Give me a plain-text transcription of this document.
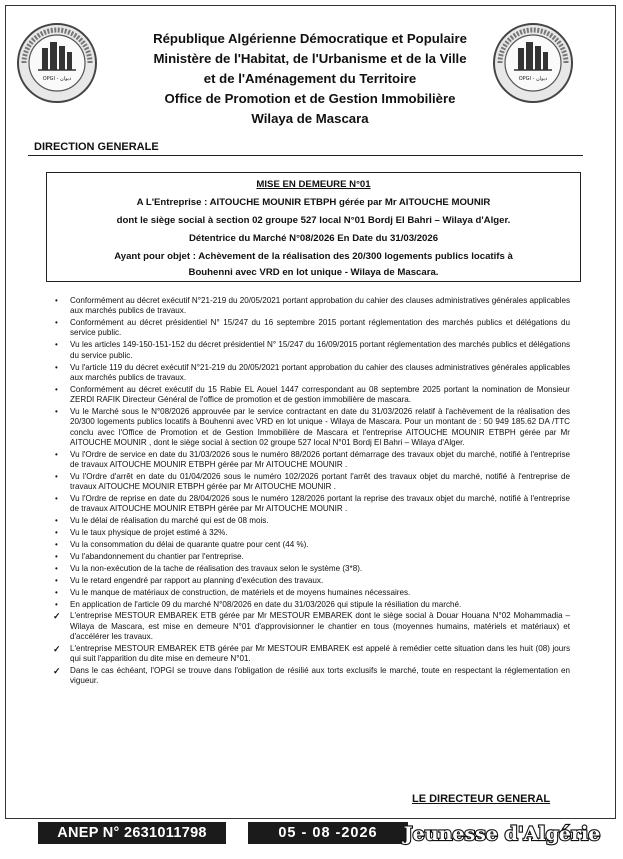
OPGI - ديوان	OPGI - ديوان
République Algérienne Démocratique et Populaire
Ministère de l'Habitat, de l'Urbanisme et de la Ville
et de l'Aménagement du Territoire
Office de Promotion et de Gestion Immobilière
Wilaya de Mascara
DIRECTION GENERALE
MISE EN DEMEURE N°01
A L'Entreprise : AITOUCHE MOUNIR ETBPH gérée par Mr AITOUCHE MOUNIR
dont le siège social à section 02 groupe 527 local N°01 Bordj El Bahri – Wilaya d'Alger.
Détentrice du Marché N°08/2026 En Date du 31/03/2026
Ayant pour objet : Achèvement de la réalisation des 20/300 logements publics locatifs à
Bouhenni avec VRD en lot unique - Wilaya de Mascara.
• Conformément au décret exécutif N°21-219 du 20/05/2021 portant approbation du cahier des clauses administratives générales applicables aux marchés publics de travaux.
• Conformément au décret présidentiel N° 15/247 du 16 septembre 2015 portant réglementation des marchés publics et délégations du service public.
• Vu les articles 149-150-151-152 du décret présidentiel N° 15/247 du 16/09/2015 portant réglementation des marchés publics et délégations du service public.
• Vu l'article 119 du décret exécutif N°21-219 du 20/05/2021 portant approbation du cahier des clauses administratives générales applicables aux marchés publics de travaux.
• Conformément au décret exécutif du 15 Rabie EL Aouel 1447 correspondant au 08 septembre 2025 portant la nomination de Monsieur ZERDI RAFIK Directeur Général de l'office de promotion et de gestion immobilière de mascara.
• Vu le Marché sous le N°08/2026 approuvée par le service contractant en date du 31/03/2026 relatif à l'achèvement de la réalisation des 20/300 logements publics locatifs à Bouhenni avec VRD en lot unique - Wilaya de Mascara. Pour un montant de : 50 949 185.62 DA /TTC conclu avec l'Office de Promotion et de Gestion Immobilière de Mascara et l'entreprise AITOUCHE MOUNIR ETBPH gérée par Mr AITOUCHE MOUNIR , dont le siège social à section 02 groupe 527 local N°01 Bordj El Bahri – Wilaya d'Alger.
• Vu l'Ordre de service en date du 31/03/2026 sous le numéro 88/2026 portant démarrage des travaux objet du marché, notifié à l'entreprise de travaux AITOUCHE MOUNIR ETBPH gérée par Mr AITOUCHE MOUNIR .
• Vu l'Ordre d'arrêt en date du 01/04/2026 sous le numéro 102/2026 portant l'arrêt des travaux objet du marché, notifié à l'entreprise de travaux AITOUCHE MOUNIR ETBPH gérée par Mr AITOUCHE MOUNIR .
• Vu l'Ordre de reprise en date du 28/04/2026 sous le numéro 128/2026 portant la reprise des travaux objet du marché, notifié à l'entreprise de travaux AITOUCHE MOUNIR ETBPH gérée par Mr AITOUCHE MOUNIR .
• Vu le délai de réalisation du marché qui est de 08 mois.
• Vu le taux physique de projet estimé à 32%.
• Vu la consommation du délai de quarante quatre pour cent (44 %).
• Vu l'abandonnement du chantier par l'entreprise.
• Vu la non-exécution de la tache de réalisation des travaux selon le système (3*8).
• Vu le retard engendré par rapport au planning d'exécution des travaux.
• Vu le manque de matériaux de construction, de matériels et de moyens humaines nécessaires.
• En application de l'article 09 du marché N°08/2026 en date du 31/03/2026 qui stipule la résiliation du marché.
✓ L'entreprise MESTOUR EMBAREK ETB gérée par Mr MESTOUR EMBAREK dont le siège social à Douar Houana N°02 Mohammadia – Wilaya de Mascara, est mise en demeure N°01 d'approvisionner le chantier en tous (moyennes humains, matériels et matériaux) et d'accélérer les travaux.
✓ L'entreprise MESTOUR EMBAREK ETB gérée par Mr MESTOUR EMBAREK est appelé à remédier cette situation dans les huit (08) jours qui suit l'apparition du dite mise en demeure N°01.
✓ Dans le cas échéant, l'OPGI se trouve dans l'obligation de résilié aux torts exclusifs le marché, toute en respectant la réglementation en vigueur.
LE DIRECTEUR GENERAL
ANEP N° 2631011798	05 - 08 -2026	Jeunesse d'Algérie
